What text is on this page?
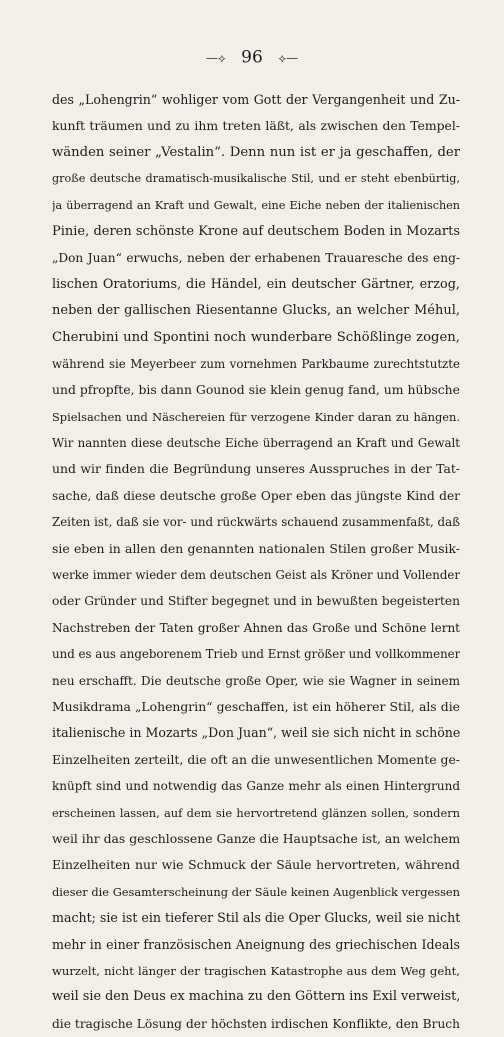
—⟡ 96 ⟡—
des „Lohengrin“ wohliger vom Gott der Vergangenheit und Zu-
kunft träumen und zu ihm treten läßt, als zwischen den Tempel-
wänden seiner „Vestalin“. Denn nun ist er ja geschaffen, der
große deutsche dramatisch-musikalische Stil, und er steht ebenbürtig,
ja überragend an Kraft und Gewalt, eine Eiche neben der italienischen
Pinie, deren schönste Krone auf deutschem Boden in Mozarts
„Don Juan“ erwuchs, neben der erhabenen Trauaresche des eng-
lischen Oratoriums, die Händel, ein deutscher Gärtner, erzog,
neben der gallischen Riesentanne Glucks, an welcher Méhul,
Cherubini und Spontini noch wunderbare Schößlinge zogen,
während sie Meyerbeer zum vornehmen Parkbaume zurechtstutzte
und pfropfte, bis dann Gounod sie klein genug fand, um hübsche
Spielsachen und Näschereien für verzogene Kinder daran zu hängen.
Wir nannten diese deutsche Eiche überragend an Kraft und Gewalt
und wir finden die Begründung unseres Ausspruches in der Tat-
sache, daß diese deutsche große Oper eben das jüngste Kind der
Zeiten ist, daß sie vor- und rückwärts schauend zusammenfaßt, daß
sie eben in allen den genannten nationalen Stilen großer Musik-
werke immer wieder dem deutschen Geist als Kröner und Vollender
oder Gründer und Stifter begegnet und in bewußten begeisterten
Nachstreben der Taten großer Ahnen das Große und Schöne lernt
und es aus angeborenem Trieb und Ernst größer und vollkommener
neu erschafft. Die deutsche große Oper, wie sie Wagner in seinem
Musikdrama „Lohengrin“ geschaffen, ist ein höherer Stil, als die
italienische in Mozarts „Don Juan“, weil sie sich nicht in schöne
Einzelheiten zerteilt, die oft an die unwesentlichen Momente ge-
knüpft sind und notwendig das Ganze mehr als einen Hintergrund
erscheinen lassen, auf dem sie hervortretend glänzen sollen, sondern
weil ihr das geschlossene Ganze die Hauptsache ist, an welchem
Einzelheiten nur wie Schmuck der Säule hervortreten, während
dieser die Gesamterscheinung der Säule keinen Augenblick vergessen
macht; sie ist ein tieferer Stil als die Oper Glucks, weil sie nicht
mehr in einer französischen Aneignung des griechischen Ideals
wurzelt, nicht länger der tragischen Katastrophe aus dem Weg geht,
weil sie den Deus ex machina zu den Göttern ins Exil verweist,
die tragische Lösung der höchsten irdischen Konflikte, den Bruch
